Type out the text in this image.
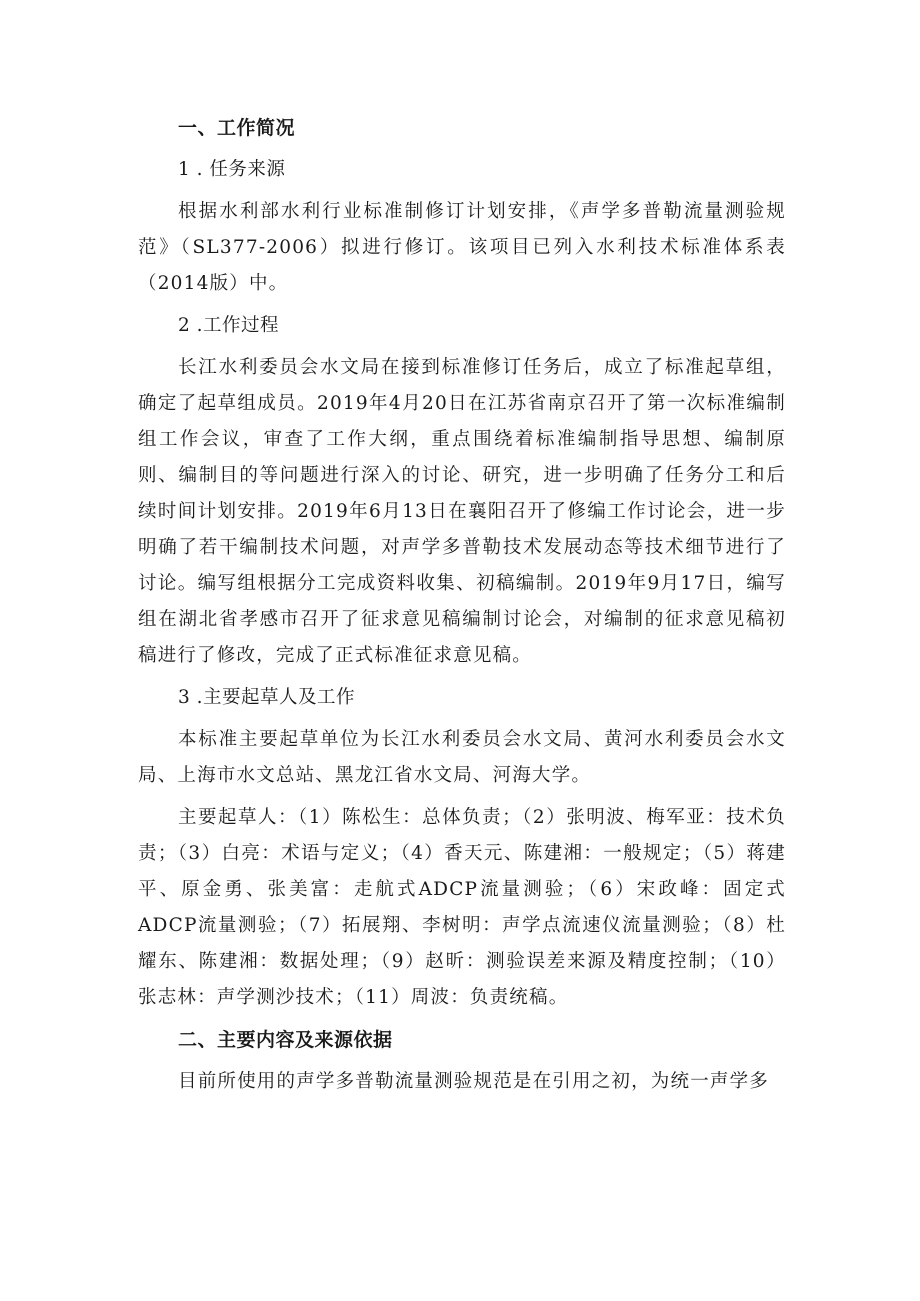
一、工作简况
1 . 任务来源

根据水利部水利行业标准制修订计划安排，《声学多普勒流量测验规范》（SL377-2006）拟进行修订。该项目已列入水利技术标准体系表（2014版）中。

2 .工作过程

长江水利委员会水文局在接到标准修订任务后，成立了标准起草组，确定了起草组成员。2019年4月20日在江苏省南京召开了第一次标准编制组工作会议，审查了工作大纲，重点围绕着标准编制指导思想、编制原则、编制目的等问题进行深入的讨论、研究，进一步明确了任务分工和后续时间计划安排。2019年6月13日在襄阳召开了修编工作讨论会，进一步明确了若干编制技术问题，对声学多普勒技术发展动态等技术细节进行了讨论。编写组根据分工完成资料收集、初稿编制。2019年9月17日，编写组在湖北省孝感市召开了征求意见稿编制讨论会，对编制的征求意见稿初稿进行了修改，完成了正式标准征求意见稿。

3 .主要起草人及工作

本标准主要起草单位为长江水利委员会水文局、黄河水利委员会水文局、上海市水文总站、黑龙江省水文局、河海大学。

主要起草人：（1）陈松生：总体负责；（2）张明波、梅军亚：技术负责；（3）白亮：术语与定义；（4）香天元、陈建湘：一般规定；（5）蒋建平、原金勇、张美富：走航式ADCP流量测验；（6）宋政峰：固定式ADCP流量测验；（7）拓展翔、李树明：声学点流速仪流量测验；（8）杜耀东、陈建湘：数据处理；（9）赵昕：测验误差来源及精度控制；（10）张志林：声学测沙技术；（11）周波：负责统稿。

二、主要内容及来源依据

目前所使用的声学多普勒流量测验规范是在引用之初，为统一声学多
